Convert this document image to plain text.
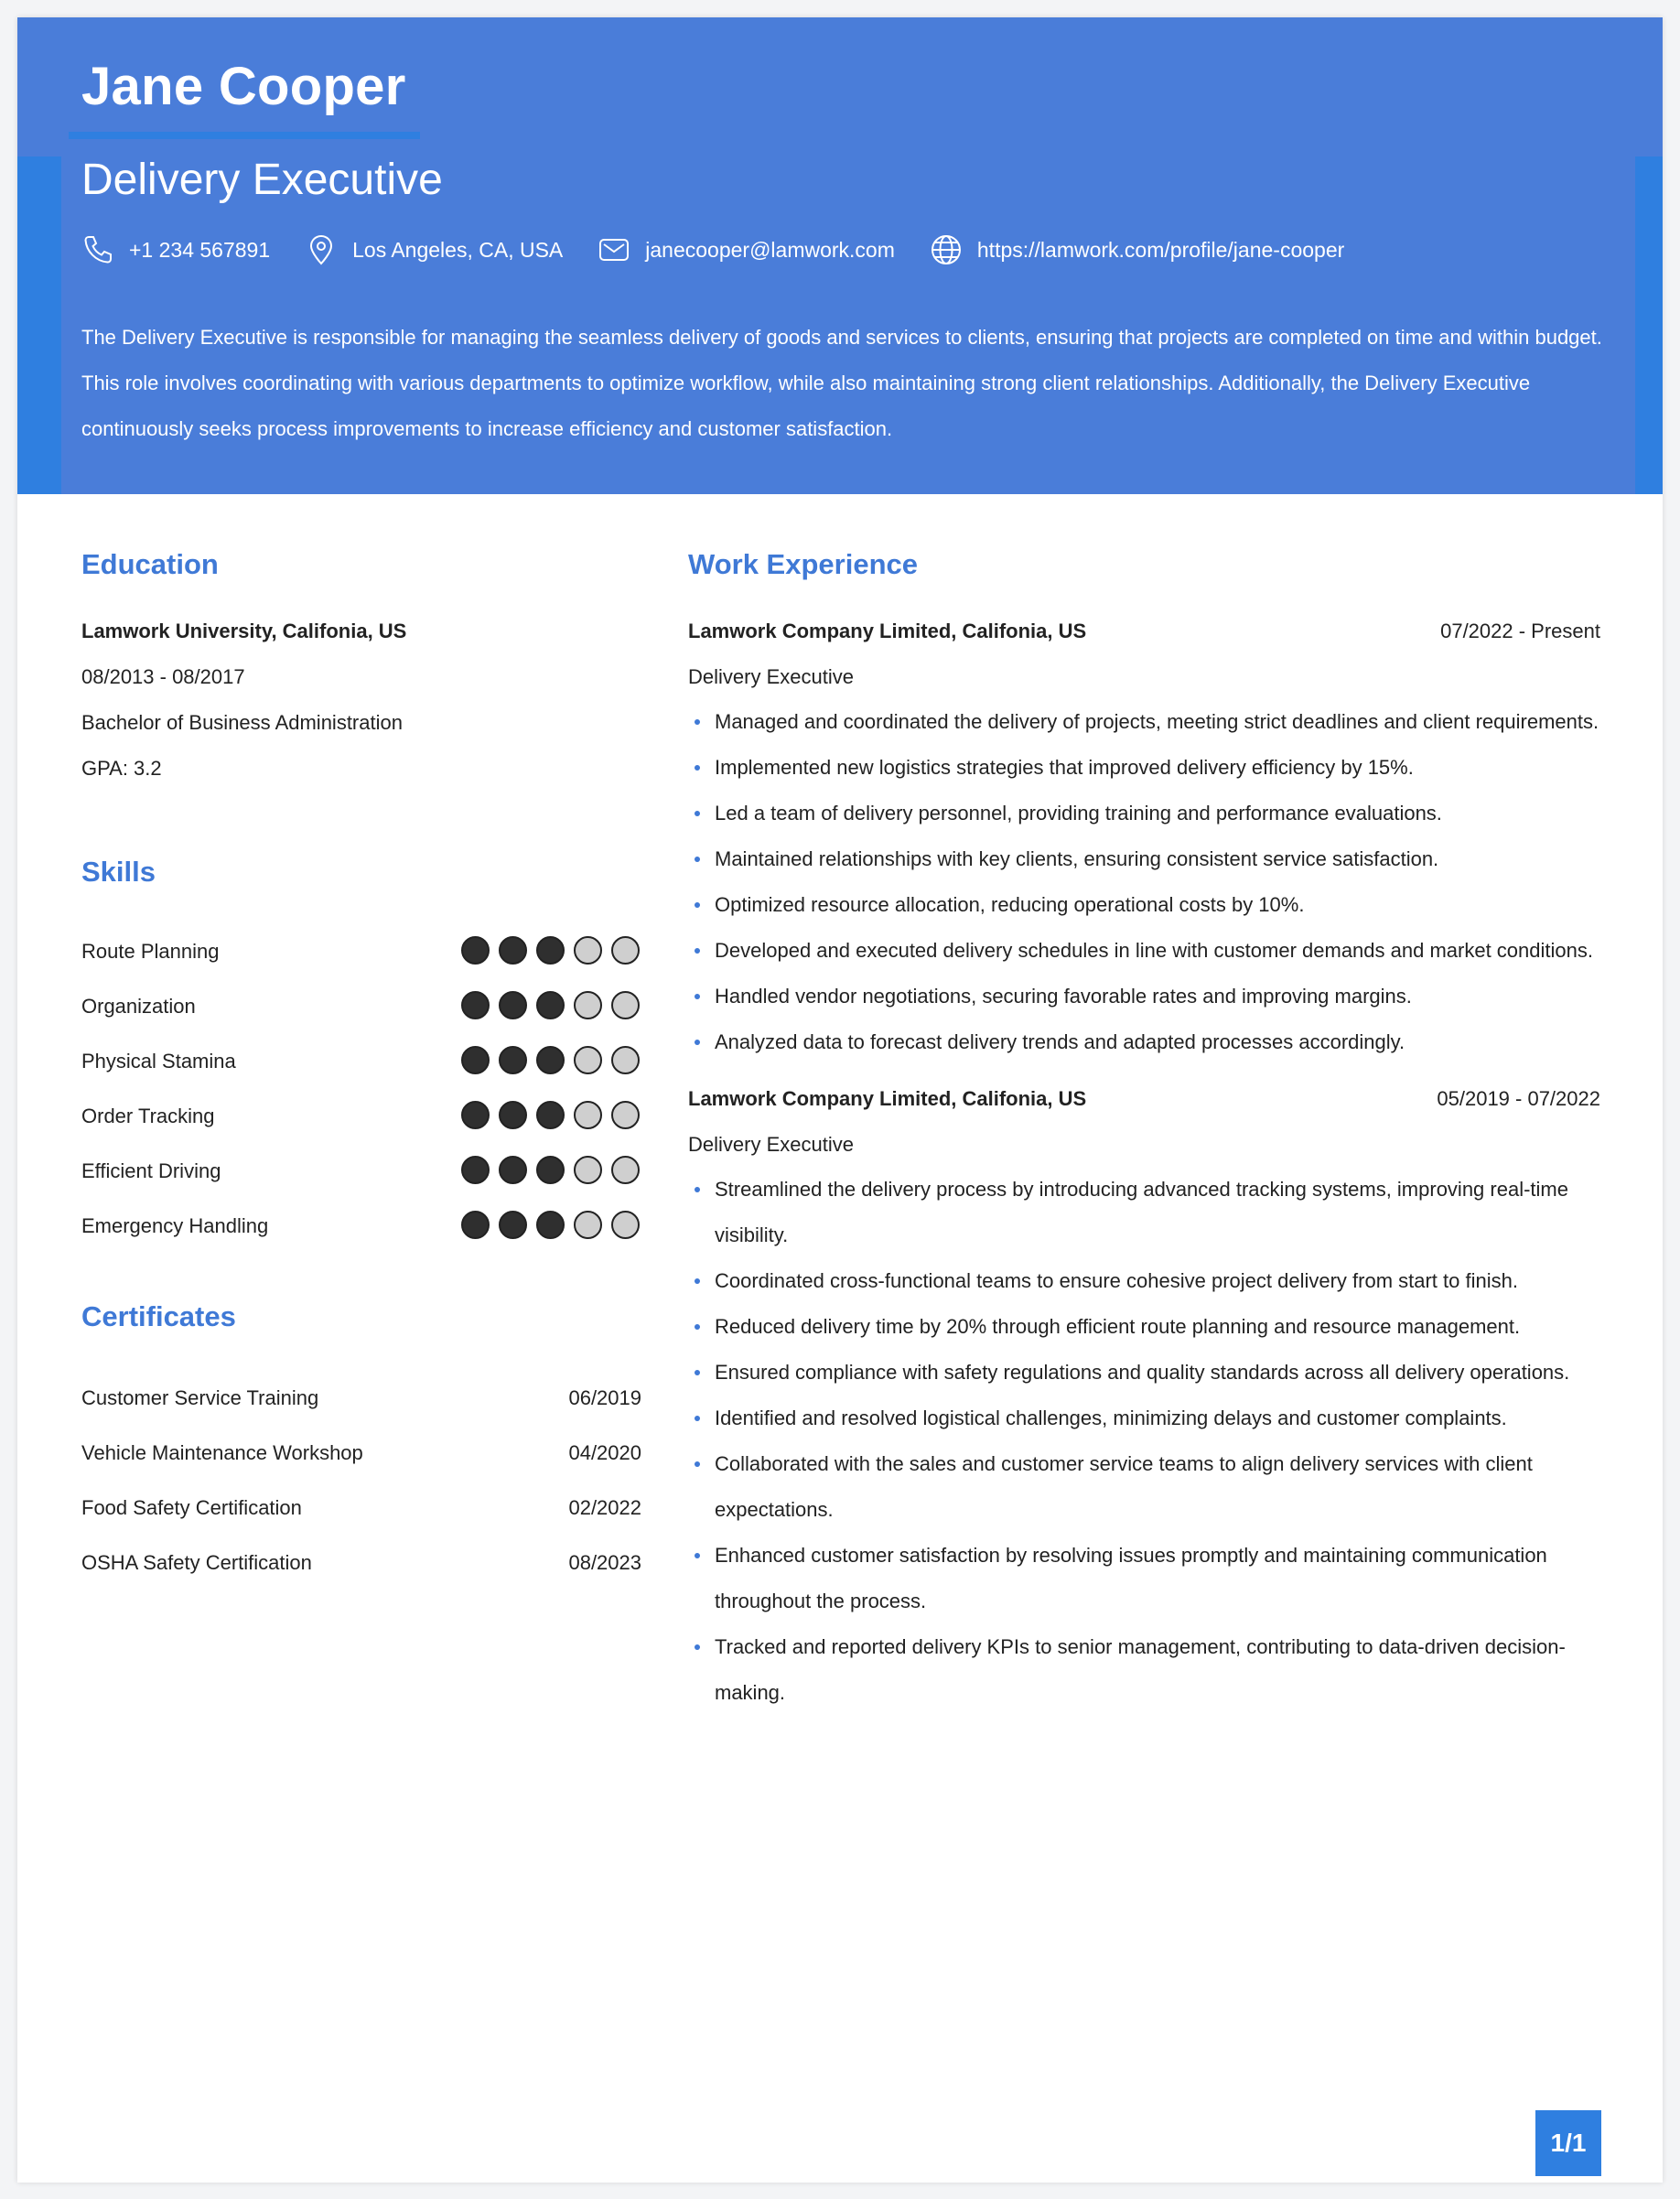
Jane Cooper
Delivery Executive
+1 234 567891	Los Angeles, CA, USA	janecooper@lamwork.com	https://lamwork.com/profile/jane-cooper
The Delivery Executive is responsible for managing the seamless delivery of goods and services to clients, ensuring that projects are completed on time and within budget. This role involves coordinating with various departments to optimize workflow, while also maintaining strong client relationships. Additionally, the Delivery Executive continuously seeks process improvements to increase efficiency and customer satisfaction.
Education
Lamwork University, Califonia, US
08/2013 - 08/2017
Bachelor of Business Administration
GPA: 3.2
Skills
Route Planning
Organization
Physical Stamina
Order Tracking
Efficient Driving
Emergency Handling
Certificates
Customer Service Training	06/2019
Vehicle Maintenance Workshop	04/2020
Food Safety Certification	02/2022
OSHA Safety Certification	08/2023
Work Experience
Lamwork Company Limited, Califonia, US	07/2022 - Present
Delivery Executive
Managed and coordinated the delivery of projects, meeting strict deadlines and client requirements.
Implemented new logistics strategies that improved delivery efficiency by 15%.
Led a team of delivery personnel, providing training and performance evaluations.
Maintained relationships with key clients, ensuring consistent service satisfaction.
Optimized resource allocation, reducing operational costs by 10%.
Developed and executed delivery schedules in line with customer demands and market conditions.
Handled vendor negotiations, securing favorable rates and improving margins.
Analyzed data to forecast delivery trends and adapted processes accordingly.
Lamwork Company Limited, Califonia, US	05/2019 - 07/2022
Delivery Executive
Streamlined the delivery process by introducing advanced tracking systems, improving real-time visibility.
Coordinated cross-functional teams to ensure cohesive project delivery from start to finish.
Reduced delivery time by 20% through efficient route planning and resource management.
Ensured compliance with safety regulations and quality standards across all delivery operations.
Identified and resolved logistical challenges, minimizing delays and customer complaints.
Collaborated with the sales and customer service teams to align delivery services with client expectations.
Enhanced customer satisfaction by resolving issues promptly and maintaining communication throughout the process.
Tracked and reported delivery KPIs to senior management, contributing to data-driven decision-making.
1/1
